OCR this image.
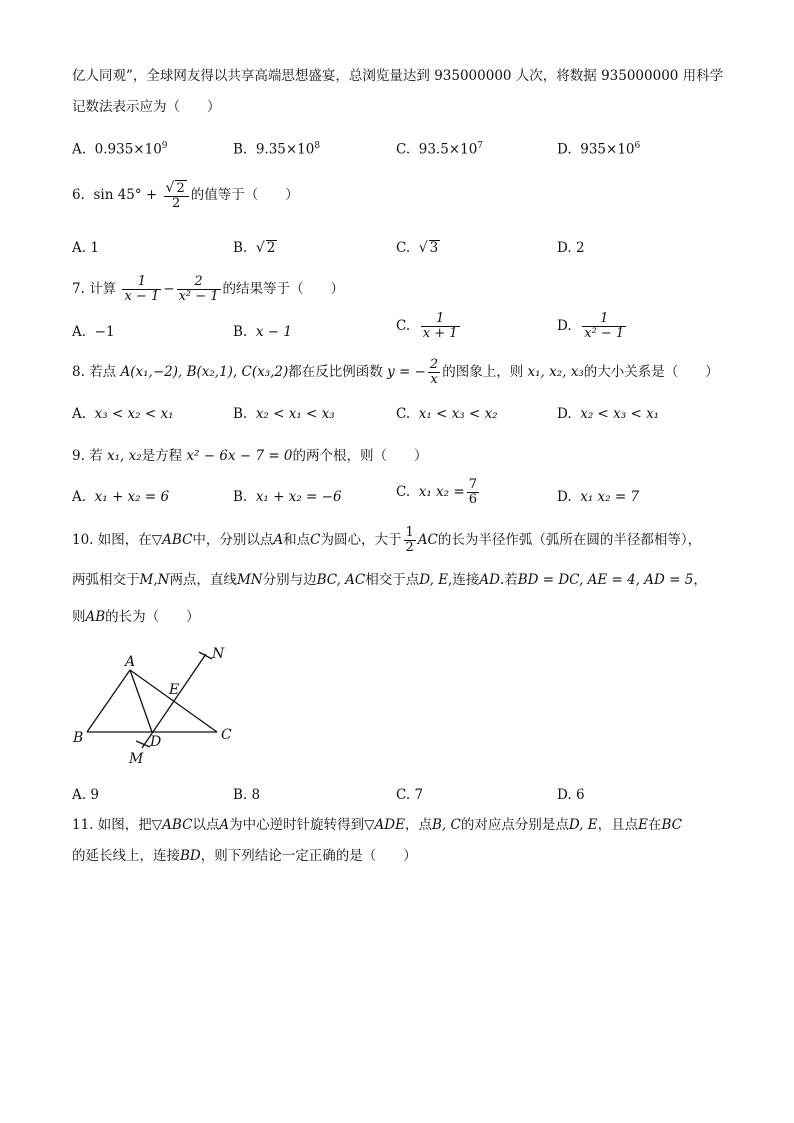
亿人同观”，全球网友得以共享高端思想盛宴，总浏览量达到 935000000 人次，将数据 935000000 用科学
记数法表示应为（　　）
A. $0.935\times 10^9$	B. $9.35\times 10^8$	C. $93.5\times 10^7$	D. $935\times 10^6$
6. $\sin 45^\circ + \frac{√ 2}{2}$ 的值等于（　　）
A. 1	B. √ 2	C. √ 3	D. 2
7. 计算 $\frac{1}{x - 1} - \frac{2}{\text{x² − 1}}$ 的结果等于（　　）
A. −1	B. x − 1	C. $\frac{1}{x + 1}$	D. $\frac{1}{\text{x² − 1}}$
8. 若点 A(x₁,−2), B(x₂,1), C(x₃,2)都在反比例函数 y = − $\frac{2}{x}$ 的图象上，则 x₁, x₂, x₃的大小关系是（　　）
A. x₃ < x₂ < x₁	B. x₂ < x₁ < x₃	C. x₁ < x₃ < x₂	D. x₂ < x₃ < x₁
9. 若 x₁, x₂是方程 x² − 6x − 7 = 0的两个根，则（　　）
A. x₁ + x₂ = 6	B. x₁ + x₂ = −6	C. x₁ $x_2 = \frac{7}{6}$	D. x₁ x₂ = 7
10. 如图，在▽ABC中，分别以点A和点C为圆心，大于 $\frac{1}{2}$ AC的长为半径作弧（弧所在圆的半径都相等），
两弧相交于M,N两点，直线MN分别与边BC, AC相交于点D, E,连接AD.若BD = DC, AE = 4, AD = 5，
则AB的长为（　　）
A
B	C
D
E
M
N
A. 9	B. 8	C. 7	D. 6
11. 如图，把▽ABC以点A为中心逆时针旋转得到▽ADE，点B, C的对应点分别是点D, E，且点E在BC
的延长线上，连接BD，则下列结论一定正确的是（　　）
